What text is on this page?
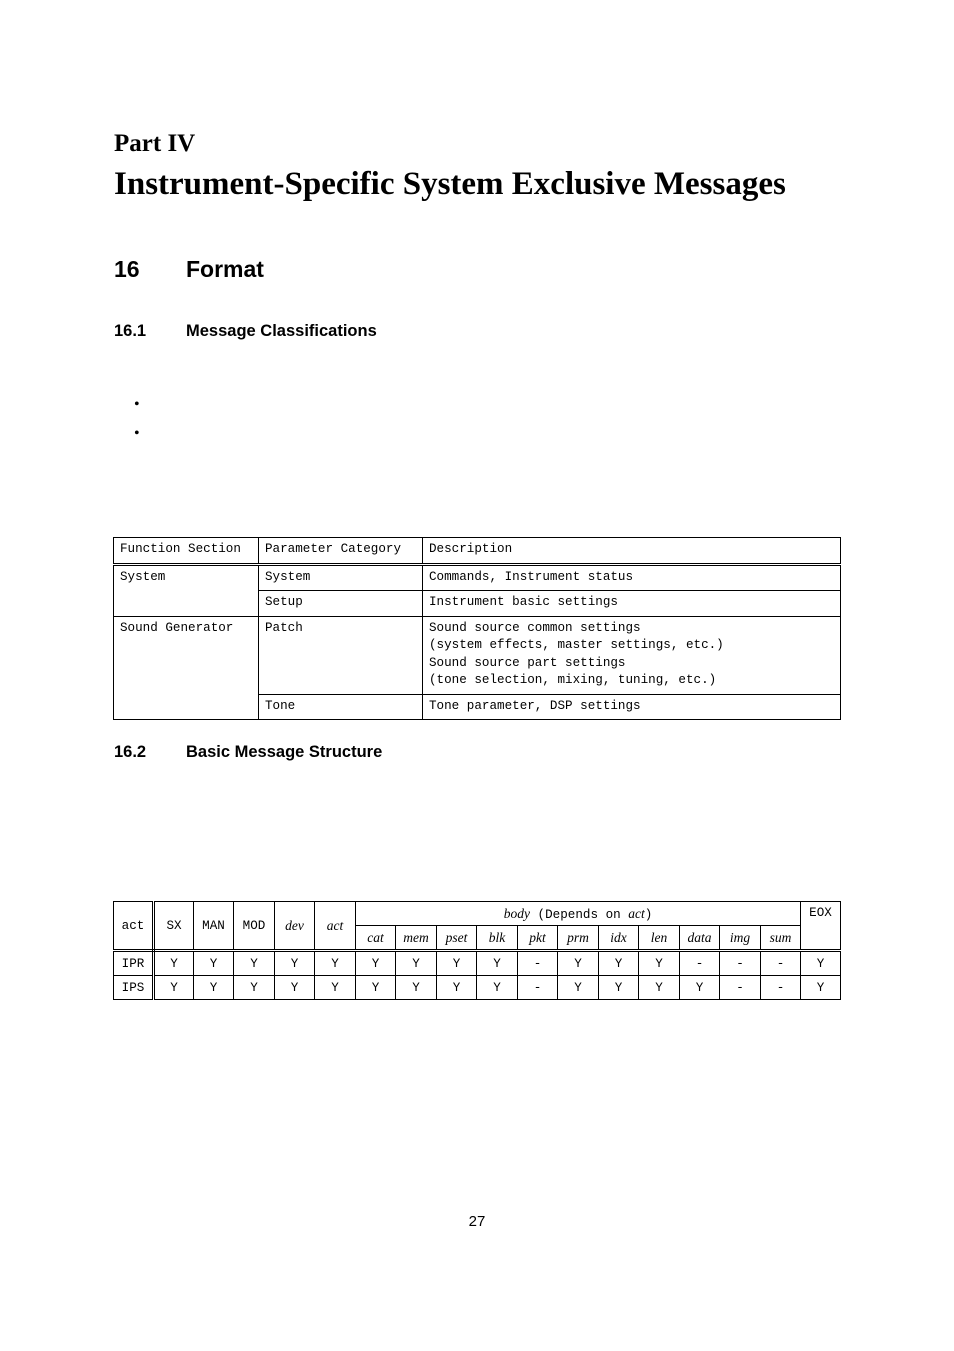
Part IV
Instrument-Specific System Exclusive Messages
16 Format
16.1 Message Classifications
•
•
Function Section	Parameter Category	Description
System	System	Commands, Instrument status

	Setup	Instrument basic settings

Sound Generator	Patch	Sound source common settings
(system effects, master settings, etc.)
Sound source part settings
(tone selection, mixing, tuning, etc.)

	Tone	Tone parameter, DSP settings
16.2 Basic Message Structure
act	SX	MAN	MOD	dev	act	body (Depends on act)											EOX
						cat	mem	pset	blk	pkt	prm	idx	len	data	img	sum	
IPR	Y	Y	Y	Y	Y	Y	Y	Y	Y	-	Y	Y	Y	-	-	-	Y
IPS	Y	Y	Y	Y	Y	Y	Y	Y	Y	-	Y	Y	Y	Y	-	-	Y
27
